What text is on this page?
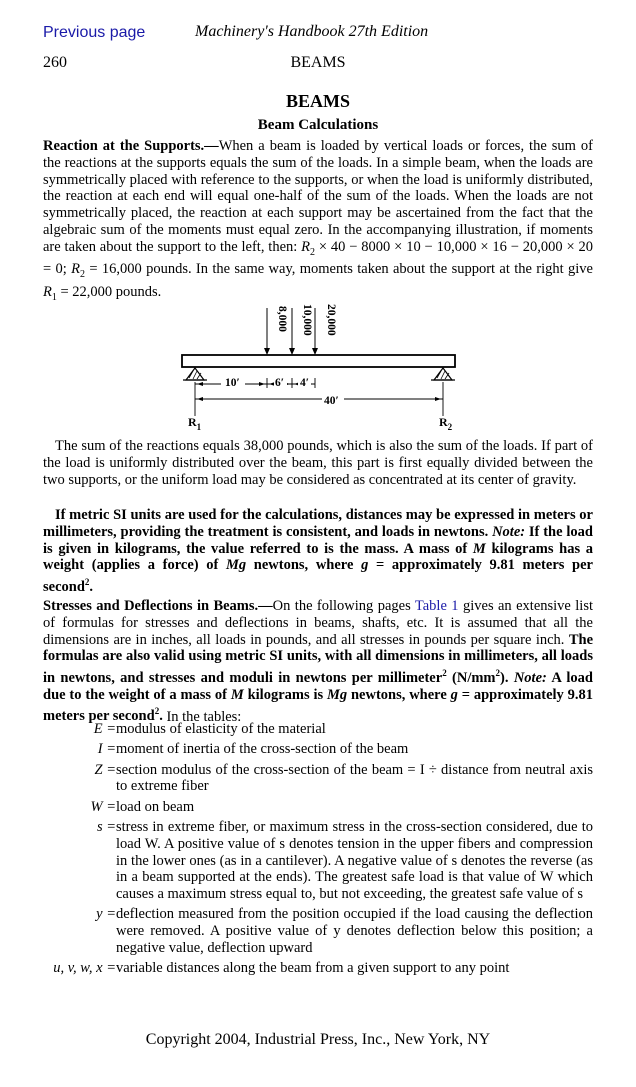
Previous page	Machinery's Handbook 27th Edition
260	BEAMS
BEAMS
Beam Calculations
Reaction at the Supports.—When a beam is loaded by vertical loads or forces, the sum of the reactions at the supports equals the sum of the loads. In a simple beam, when the loads are symmetrically placed with reference to the supports, or when the load is uniformly distributed, the reaction at each end will equal one-half of the sum of the loads. When the loads are not symmetrically placed, the reaction at each support may be ascertained from the fact that the algebraic sum of the moments must equal zero. In the accompanying illustration, if moments are taken about the support to the left, then: $R_2 \times 40 - 8000 \times 10 - 10,000 \times 16 - 20,000 \times 20 = 0$; $R_2 = 16,000$ pounds. In the same way, moments taken about the support at the right give $R_1 = 22,000$ pounds.
8,000 10,000 20,000
10′	6′ 4′
40′
$R_1$	$R_2$
The sum of the reactions equals 38,000 pounds, which is also the sum of the loads. If part of the load is uniformly distributed over the beam, this part is first equally divided between the two supports, or the uniform load may be considered as concentrated at its center of gravity.
If metric SI units are used for the calculations, distances may be expressed in meters or millimeters, providing the treatment is consistent, and loads in newtons. Note: If the load is given in kilograms, the value referred to is the mass. A mass of M kilograms has a weight (applies a force) of Mg newtons, where g = approximately 9.81 meters per second$^2$.
Stresses and Deflections in Beams.—On the following pages Table 1 gives an extensive list of formulas for stresses and deflections in beams, shafts, etc. It is assumed that all the dimensions are in inches, all loads in pounds, and all stresses in pounds per square inch. The formulas are also valid using metric SI units, with all dimensions in millimeters, all loads in newtons, and stresses and moduli in newtons per millimeter$^2$ $(N/mm^2)$. Note: A load due to the weight of a mass of M kilograms is Mg newtons, where g = approximately 9.81 meters per second$^2$. In the tables:
E = modulus of elasticity of the material
I = moment of inertia of the cross-section of the beam
Z = section modulus of the cross-section of the beam = I ÷ distance from neutral axis to extreme fiber
W = load on beam
s = stress in extreme fiber, or maximum stress in the cross-section considered, due to load W. A positive value of s denotes tension in the upper fibers and compression in the lower ones (as in a cantilever). A negative value of s denotes the reverse (as in a beam supported at the ends). The greatest safe load is that value of W which causes a maximum stress equal to, but not exceeding, the greatest safe value of s
y = deflection measured from the position occupied if the load causing the deflection were removed. A positive value of y denotes deflection below this position; a negative value, deflection upward
u, v, w, x = variable distances along the beam from a given support to any point
Copyright 2004, Industrial Press, Inc., New York, NY
